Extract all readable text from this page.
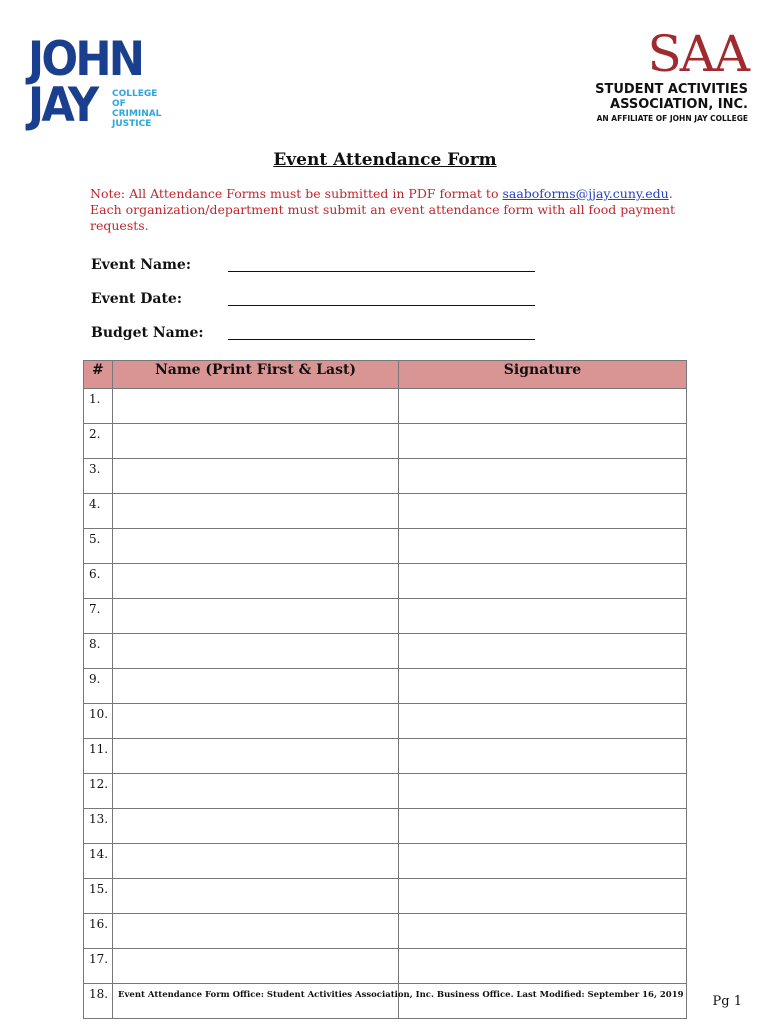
JOHN
JAY COLLEGE
OF
CRIMINAL
JUSTICE
SAA
STUDENT ACTIVITIES
ASSOCIATION, INC.
AN AFFILIATE OF JOHN JAY COLLEGE
Event Attendance Form
Note: All Attendance Forms must be submitted in PDF format to saaboforms@jjay.cuny.edu.
Each organization/department must submit an event attendance form with all food payment requests.
Event Name:
Event Date:
Budget Name:
#	Name (Print First & Last)	Signature
1.		
2.		
3.		
4.		
5.		
6.		
7.		
8.		
9.		
10.		
11.		
12.		
13.		
14.		
15.		
16.		
17.		
18.		Event Attendance Form Office: Student Activities Association, Inc. Business Office. Last Modified: September 16, 2019 Pg 1
